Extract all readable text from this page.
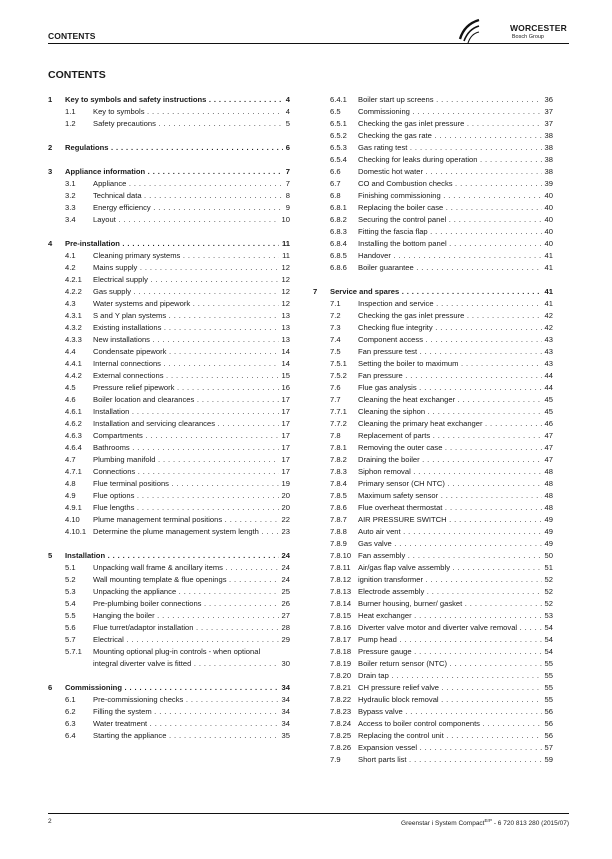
CONTENTS
WORCESTER
Bosch Group
CONTENTS
1	Key to symbols and safety instructions . . .	4
1.1	Key to symbols . . .	4
1.2	Safety precautions . . .	5
2	Regulations . . .	6
3	Appliance information . . .	7
3.1	Appliance . . .	7
3.2	Technical data . . .	8
3.3	Energy efficiency . . .	9
3.4	Layout . . .	10
4	Pre-installation . . .	11
4.1	Cleaning primary systems . . .	11
4.2	Mains supply . . .	12
4.2.1	Electrical supply . . .	12
4.2.2	Gas supply . . .	12
4.3	Water systems and pipework . . .	12
4.3.1	S and Y plan systems . . .	13
4.3.2	Existing installations . . .	13
4.3.3	New installations . . .	13
4.4	Condensate pipework . . .	14
4.4.1	Internal connections . . .	14
4.4.2	External connections . . .	15
4.5	Pressure relief pipework . . .	16
4.6	Boiler location and clearances . . .	17
4.6.1	Installation . . .	17
4.6.2	Installation and servicing clearances . . .	17
4.6.3	Compartments . . .	17
4.6.4	Bathrooms . . .	17
4.7	Plumbing manifold . . .	17
4.7.1	Connections . . .	17
4.8	Flue terminal positions . . .	19
4.9	Flue options . . .	20
4.9.1	Flue lengths . . .	20
4.10	Plume management terminal positions . . .	22
4.10.1 Determine the plume management system length . . .	23
5	Installation . . .	24
5.1	Unpacking wall frame & ancillary items . . .	24
5.2	Wall mounting template & flue openings . . .	24
5.3	Unpacking the appliance . . .	25
5.4	Pre-plumbing boiler connections . . .	26
5.5	Hanging the boiler . . .	27
5.6	Flue turret/adaptor installation . . .	28
5.7	Electrical . . .	29
5.7.1	Mounting optional plug-in controls - when optional
integral diverter valve is fitted . . .	30
6	Commissioning . . .	34
6.1	Pre-commissioning checks . . .	34
6.2	Filling the system . . .	34
6.3	Water treatment . . .	34
6.4	Starting the appliance . . .	35
6.4.1	Boiler start up screens . . .	36
6.5	Commissioning . . .	37
6.5.1	Checking the gas inlet pressure . . .	37
6.5.2	Checking the gas rate . . .	38
6.5.3	Gas rating test . . .	38
6.5.4	Checking for leaks during operation . . .	38
6.6	Domestic hot water . . .	38
6.7	CO and Combustion checks . . .	39
6.8	Finishing commissioning . . .	40
6.8.1	Replacing the boiler case . . .	40
6.8.2	Securing the control panel . . .	40
6.8.3	Fitting the fascia flap . . .	40
6.8.4	Installing the bottom panel . . .	40
6.8.5	Handover . . .	41
6.8.6	Boiler guarantee . . .	41
7	Service and spares . . .	41
7.1	Inspection and service . . .	41
7.2	Checking the gas inlet pressure . . .	42
7.3	Checking flue integrity . . .	42
7.4	Component access . . .	43
7.5	Fan pressure test . . .	43
7.5.1	Setting the boiler to maximum . . .	43
7.5.2	Fan pressure . . .	44
7.6	Flue gas analysis . . .	44
7.7	Cleaning the heat exchanger . . .	45
7.7.1	Cleaning the siphon . . .	45
7.7.2	Cleaning the primary heat exchanger . . .	46
7.8	Replacement of parts . . .	47
7.8.1	Removing the outer case . . .	47
7.8.2	Draining the boiler . . .	47
7.8.3	Siphon removal . . .	48
7.8.4	Primary sensor (CH NTC) . . .	48
7.8.5	Maximum safety sensor . . .	48
7.8.6	Flue overheat thermostat . . .	48
7.8.7	AIR PRESSURE SWITCH . . .	49
7.8.8	Auto air vent . . .	49
7.8.9	Gas valve . . .	49
7.8.10 Fan assembly . . .	50
7.8.11 Air/gas flap valve assembly . . .	51
7.8.12 ignition transformer . . .	52
7.8.13 Electrode assembly . . .	52
7.8.14 Burner housing, burner/ gasket . . .	52
7.8.15 Heat exchanger . . .	53
7.8.16 Diverter valve motor and diverter valve removal . . .	54
7.8.17 Pump head . . .	54
7.8.18 Pressure gauge . . .	54
7.8.19 Boiler return sensor (NTC) . . .	55
7.8.20 Drain tap . . .	55
7.8.21 CH pressure relief valve . . .	55
7.8.22 Hydraulic block removal . . .	55
7.8.23 Bypass valve . . .	56
7.8.24 Access to boiler control components . . .	56
7.8.25 Replacing the control unit . . .	56
7.8.26 Expansion vessel . . .	57
7.9	Short parts list . . .	59
2	Greenstar i System Compact$^{ErP}$ - 6 720 813 280 (2015/07)
